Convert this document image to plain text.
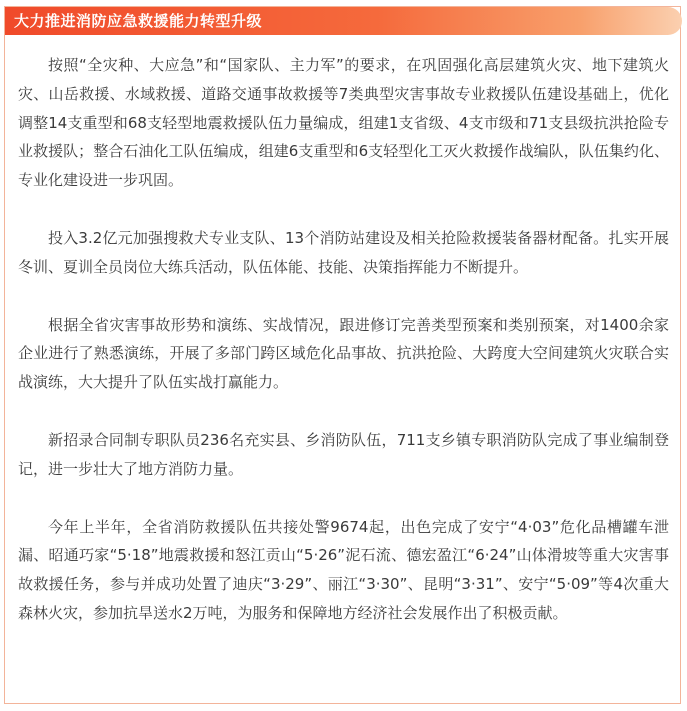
大力推进消防应急救援能力转型升级

按照“全灾种、大应急”和“国家队、主力军”的要求，在巩固强化高层建筑火灾、地下建筑火灾、山岳救援、水域救援、道路交通事故救援等7类典型灾害事故专业救援队伍建设基础上，优化调整14支重型和68支轻型地震救援队伍力量编成，组建1支省级、4支市级和71支县级抗洪抢险专业救援队；整合石油化工队伍编成，组建6支重型和6支轻型化工灭火救援作战编队，队伍集约化、专业化建设进一步巩固。

投入3.2亿元加强搜救犬专业支队、13个消防站建设及相关抢险救援装备器材配备。扎实开展冬训、夏训全员岗位大练兵活动，队伍体能、技能、决策指挥能力不断提升。

根据全省灾害事故形势和演练、实战情况，跟进修订完善类型预案和类别预案，对1400余家企业进行了熟悉演练，开展了多部门跨区域危化品事故、抗洪抢险、大跨度大空间建筑火灾联合实战演练，大大提升了队伍实战打赢能力。

新招录合同制专职队员236名充实县、乡消防队伍，711支乡镇专职消防队完成了事业编制登记，进一步壮大了地方消防力量。

今年上半年，全省消防救援队伍共接处警9674起，出色完成了安宁“4·03”危化品槽罐车泄漏、昭通巧家“5·18”地震救援和怒江贡山“5·26”泥石流、德宏盈江“6·24”山体滑坡等重大灾害事故救援任务，参与并成功处置了迪庆“3·29”、丽江“3·30”、昆明“3·31”、安宁“5·09”等4次重大森林火灾，参加抗旱送水2万吨，为服务和保障地方经济社会发展作出了积极贡献。
